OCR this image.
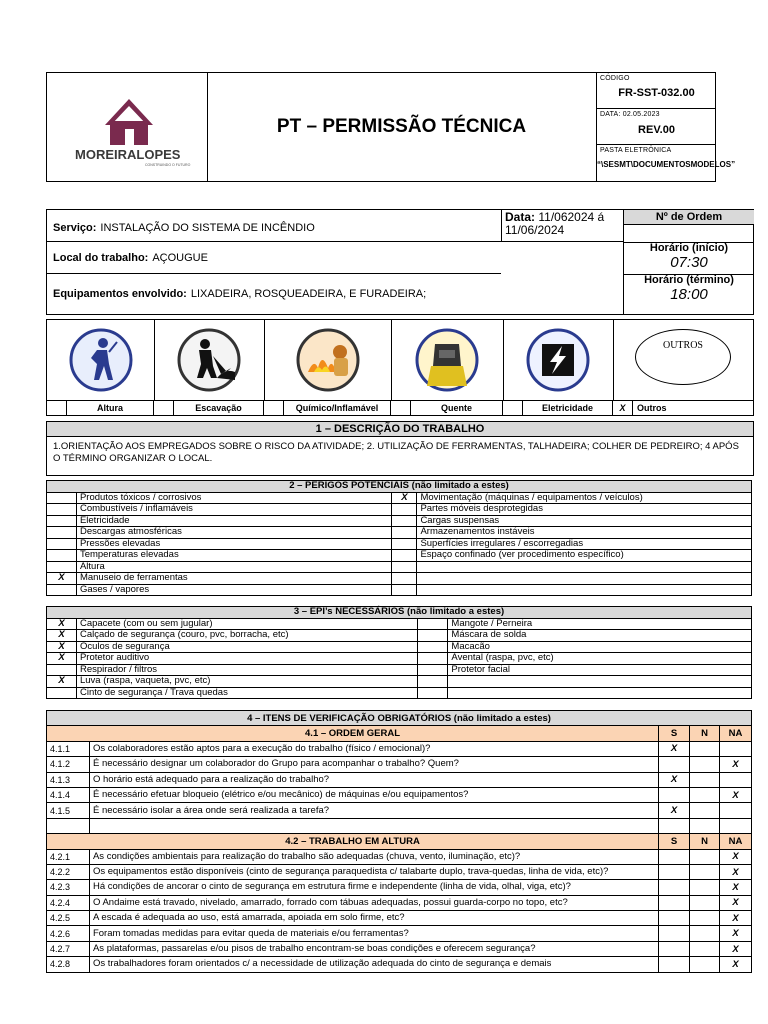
MOREIRALOPES
CONSTRUINDO O FUTURO
PT – PERMISSÃO TÉCNICA
CÓDIGO
FR-SST-032.00
DATA: 02.05.2023
REV.00
PASTA ELETRÔNICA
“\SESMT\DOCUMENTOSMODELOS”
Serviço: INSTALAÇÃO DO SISTEMA DE INCÊNDIO
Local do trabalho: AÇOUGUE
Equipamentos envolvido: LIXADEIRA, ROSQUEADEIRA, E FURADEIRA;
Data: 11/062024 á 11/06/2024
Nº de Ordem
Horário (início)
07:30
Horário (término)
18:00
OUTROS
Altura	Escavação	Químico/Inflamável	Quente	Eletricidade	X	Outros
1 – DESCRIÇÃO DO TRABALHO
1.ORIENTAÇÃO AOS EMPREGADOS SOBRE O RISCO DA ATIVIDADE; 2. UTILIZAÇÃO DE FERRAMENTAS, TALHADEIRA; COLHER DE PEDREIRO; 4 APÓS O TÉRMINO ORGANIZAR O LOCAL.
2 – PERIGOS POTENCIAIS (não limitado a estes)			
	Produtos tóxicos / corrosivos	X	Movimentação (máquinas / equipamentos / veículos)
	Combustíveis / inflamáveis		Partes móveis desprotegidas
	Eletricidade		Cargas suspensas
	Descargas atmosféricas		Armazenamentos instáveis
	Pressões elevadas		Superfícies irregulares / escorregadias
	Temperaturas elevadas		Espaço confinado (ver procedimento específico)
	Altura		
X	Manuseio de ferramentas		
	Gases / vapores		
3 – EPI’s NECESSÁRIOS (não limitado a estes)			
X	Capacete (com ou sem jugular)		Mangote / Perneira
X	Calçado de segurança (couro, pvc, borracha, etc)		Máscara de solda
X	Oculos de segurança		Macacão
X	Protetor auditivo		Avental (raspa, pvc, etc)
	Respirador / filtros		Protetor facial
X	Luva (raspa, vaqueta, pvc, etc)		
	Cinto de segurança / Trava quedas		
4 – ITENS DE VERIFICAÇÃO OBRIGATÓRIOS (não limitado a estes)				
4.1 – ORDEM GERAL		S	N	NA
4.1.1	Os colaboradores estão aptos para a execução do trabalho (físico / emocional)?	X		
4.1.2	É necessário designar um colaborador do Grupo para acompanhar o trabalho? Quem?			X
4.1.3	O horário está adequado para a realização do trabalho?	X		
4.1.4	É necessário efetuar bloqueio (elétrico e/ou mecânico) de máquinas e/ou equipamentos?			X
4.1.5	É necessário isolar a área onde será realizada a tarefa?	X		

4.2 – TRABALHO EM ALTURA		S	N	NA
4.2.1	As condições ambientais para realização do trabalho são adequadas (chuva, vento, iluminação, etc)?			X
4.2.2	Os equipamentos estão disponíveis (cinto de segurança paraquedista c/ talabarte duplo, trava-quedas, linha de vida, etc)?			X
4.2.3	Há condições de ancorar o cinto de segurança em estrutura firme e independente (linha de vida, olhal, viga, etc)?			X
4.2.4	O Andaime está travado, nivelado, amarrado, forrado com tábuas adequadas, possui guarda-corpo no topo, etc?			X
4.2.5	A escada é adequada ao uso, está amarrada, apoiada em solo firme, etc?			X
4.2.6	Foram tomadas medidas para evitar queda de materiais e/ou ferramentas?			X
4.2.7	As plataformas, passarelas e/ou pisos de trabalho encontram-se boas condições e oferecem segurança?			X
4.2.8	Os trabalhadores foram orientados c/ a necessidade de utilização adequada do cinto de segurança e demais			X
